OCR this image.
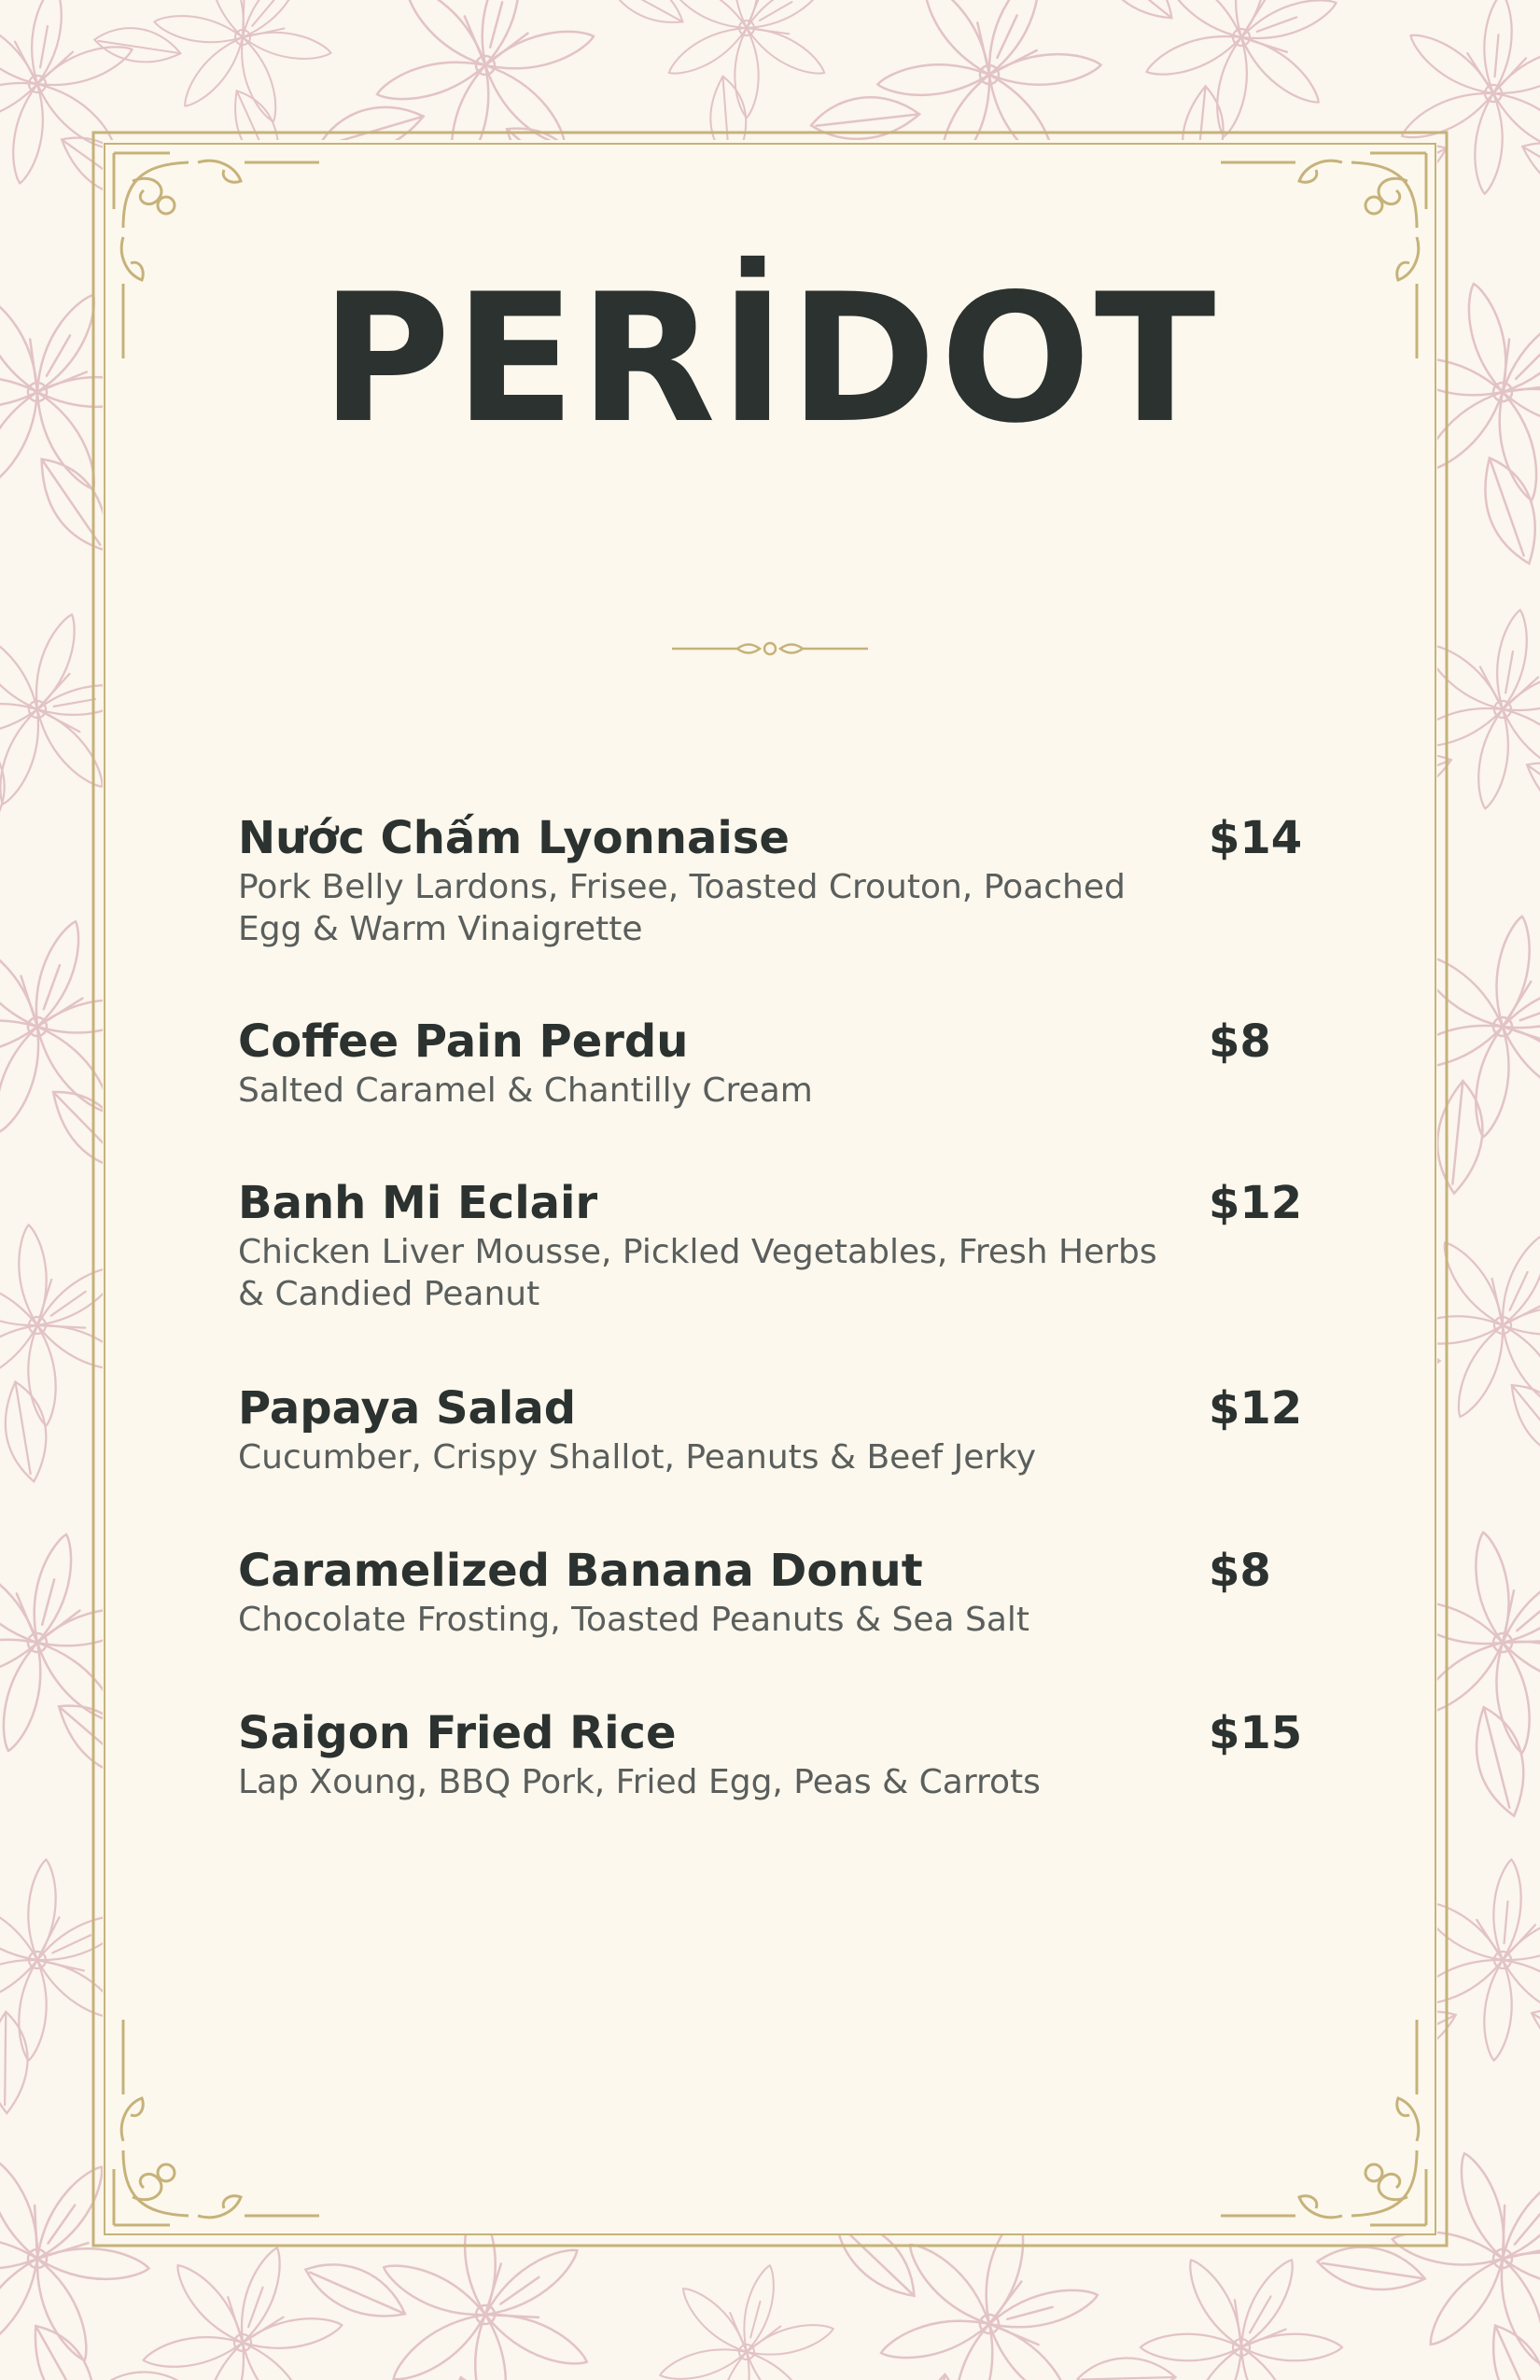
PERİDOT
Nước Chấm Lyonnaise
Pork Belly Lardons, Frisee, Toasted Crouton, Poached Egg & Warm Vinaigrette
$14
Coffee Pain Perdu
Salted Caramel & Chantilly Cream
$8
Banh Mi Eclair
Chicken Liver Mousse, Pickled Vegetables, Fresh Herbs & Candied Peanut
$12
Papaya Salad
Cucumber, Crispy Shallot, Peanuts & Beef Jerky
$12
Caramelized Banana Donut
Chocolate Frosting, Toasted Peanuts & Sea Salt
$8
Saigon Fried Rice
Lap Xoung, BBQ Pork, Fried Egg, Peas & Carrots
$15
